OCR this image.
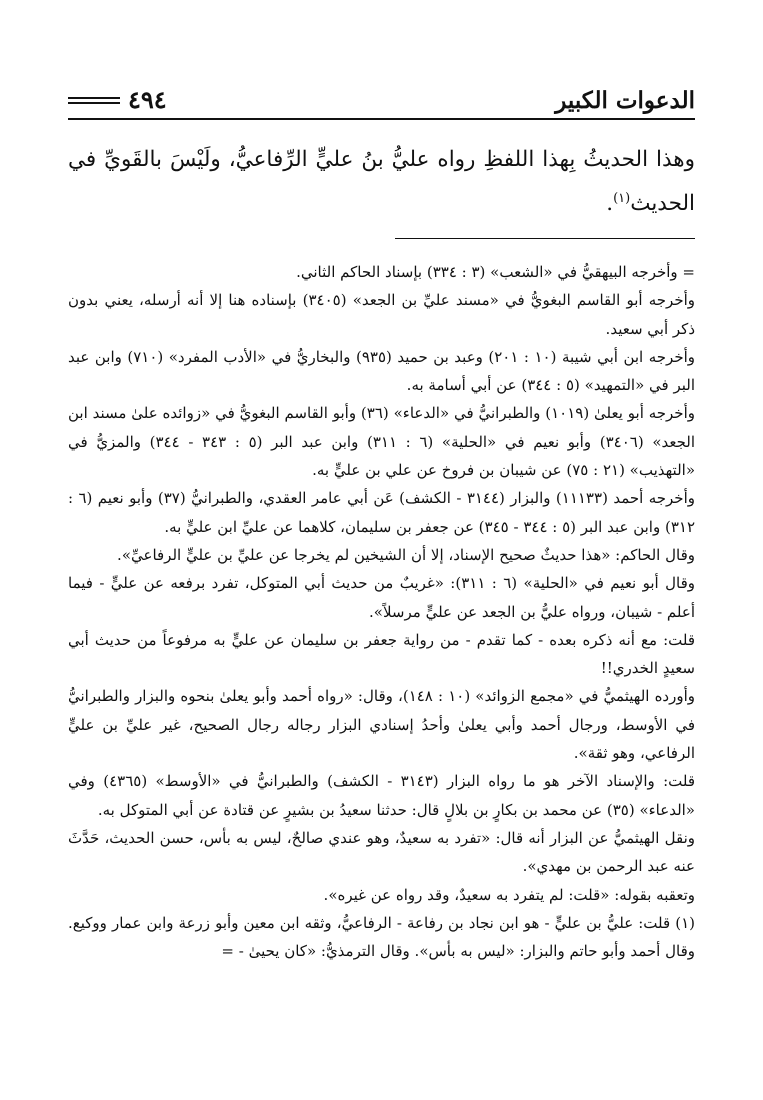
الدعوات الكبير
٤٩٤
وهذا الحديثُ بِهذا اللفظِ رواه عليُّ بنُ عليٍّ الرِّفاعيُّ، ولَيْسَ بالقَويِّ في الحديث$^{(١)}$.

= وأخرجه البيهقيُّ في «الشعب» (٣ : ٣٣٤) بإسناد الحاكم الثاني.

وأخرجه أبو القاسم البغويُّ في «مسند عليِّ بن الجعد» (٣٤٠٥) بإسناده هنا إلا أنه أرسله، يعني بدون ذكر أبي سعيد.

وأخرجه ابن أبي شيبة (١٠ : ٢٠١) وعبد بن حميد (٩٣٥) والبخاريُّ في «الأدب المفرد» (٧١٠) وابن عبد البر في «التمهيد» (٥ : ٣٤٤) عن أبي أسامة به.

وأخرجه أبو يعلىٰ (١٠١٩) والطبرانيُّ في «الدعاء» (٣٦) وأبو القاسم البغويُّ في «زوائده علىٰ مسند ابن الجعد» (٣٤٠٦) وأبو نعيم في «الحلية» (٦ : ٣١١) وابن عبد البر (٥ : ٣٤٣ - ٣٤٤) والمزيُّ في «التهذيب» (٢١ : ٧٥) عن شيبان بن فروخ عن علي بن عليٍّ به.

وأخرجه أحمد (١١١٣٣) والبزار (٣١٤٤ - الكشف) عَن أبي عامر العقدي، والطبرانيُّ (٣٧) وأبو نعيم (٦ : ٣١٢) وابن عبد البر (٥ : ٣٤٤ - ٣٤٥) عن جعفر بن سليمان، كلاهما عن عليِّ ابن عليٍّ به.

وقال الحاكم: «هذا حديثٌ صحيح الإسناد، إلا أن الشيخين لم يخرجا عن عليِّ بن عليٍّ الرفاعيِّ».

وقال أبو نعيم في «الحلية» (٦ : ٣١١): «غريبٌ من حديث أبي المتوكل، تفرد برفعه عن عليٍّ - فيما أعلم - شيبان، ورواه عليُّ بن الجعد عن عليٍّ مرسلاً».

قلت: مع أنه ذكره بعده - كما تقدم - من رواية جعفر بن سليمان عن عليٍّ به مرفوعاً من حديث أبي سعيدٍ الخدري!!

وأورده الهيثميُّ في «مجمع الزوائد» (١٠ : ١٤٨)، وقال: «رواه أحمد وأبو يعلىٰ بنحوه والبزار والطبرانيُّ في الأوسط، ورجال أحمد وأبي يعلىٰ وأحدُ إسنادي البزار رجاله رجال الصحيح، غير عليِّ بن عليٍّ الرفاعي، وهو ثقة».

قلت: والإسناد الآخر هو ما رواه البزار (٣١٤٣ - الكشف) والطبرانيُّ في «الأوسط» (٤٣٦٥) وفي «الدعاء» (٣٥) عن محمد بن بكارٍ بن بلالٍ قال: حدثنا سعيدُ بن بشيرٍ عن قتادة عن أبي المتوكل به.

ونقل الهيثميُّ عن البزار أنه قال: «تفرد به سعيدٌ، وهو عندي صالحٌ، ليس به بأس، حسن الحديث، حَدَّثَ عنه عبد الرحمن بن مهدي».

وتعقبه بقوله: «قلت: لم يتفرد به سعيدٌ، وقد رواه عن غيره».

(١) قلت: عليُّ بن عليٍّ - هو ابن نجاد بن رفاعة - الرفاعيُّ، وثقه ابن معين وأبو زرعة وابن عمار ووكيع. وقال أحمد وأبو حاتم والبزار: «ليس به بأس». وقال الترمذيُّ: «كان يحيىٰ - =
